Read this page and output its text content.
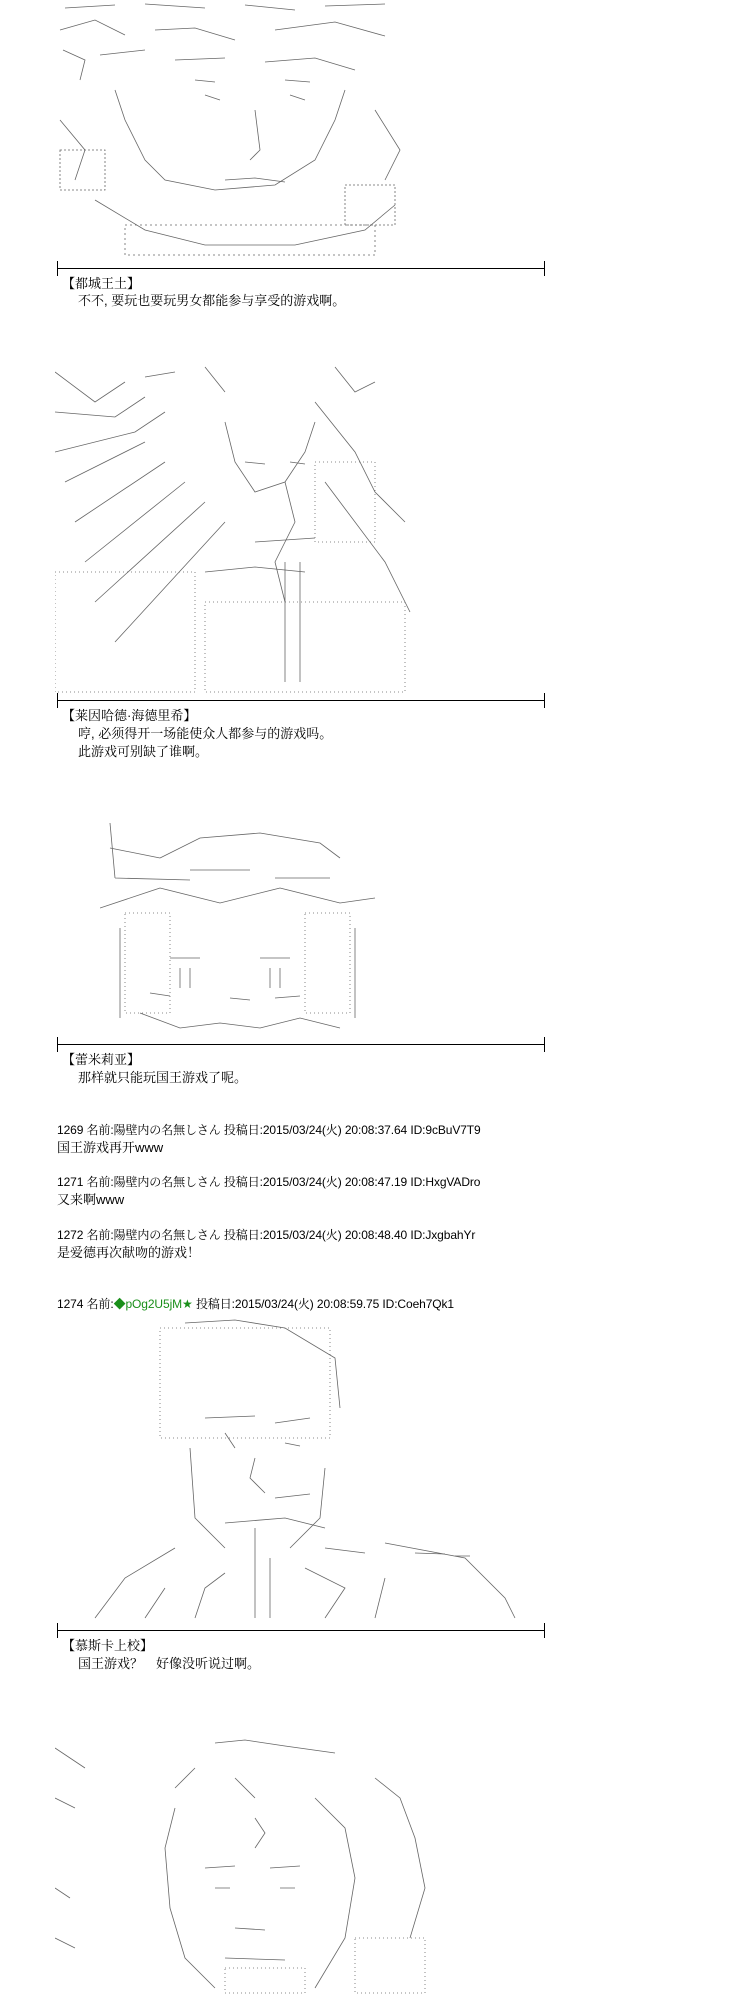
【都城王土】
不不, 要玩也要玩男女都能参与享受的游戏啊。
【莱因哈德·海德里希】
哼, 必须得开一场能使众人都参与的游戏吗。
此游戏可别缺了谁啊。
【蕾米莉亚】
那样就只能玩国王游戏了呢。
1269 名前:陽壁内の名無しさん 投稿日:2015/03/24(火) 20:08:37.64 ID:9cBuV7T9
国王游戏再开www
1271 名前:陽壁内の名無しさん 投稿日:2015/03/24(火) 20:08:47.19 ID:HxgVADro
又来啊www
1272 名前:陽壁内の名無しさん 投稿日:2015/03/24(火) 20:08:48.40 ID:JxgbahYr
是爱德再次献吻的游戏！
1274 名前:◆pOg2U5jM★ 投稿日:2015/03/24(火) 20:08:59.75 ID:Coeh7Qk1
【慕斯卡上校】
国王游戏？　好像没听说过啊。
